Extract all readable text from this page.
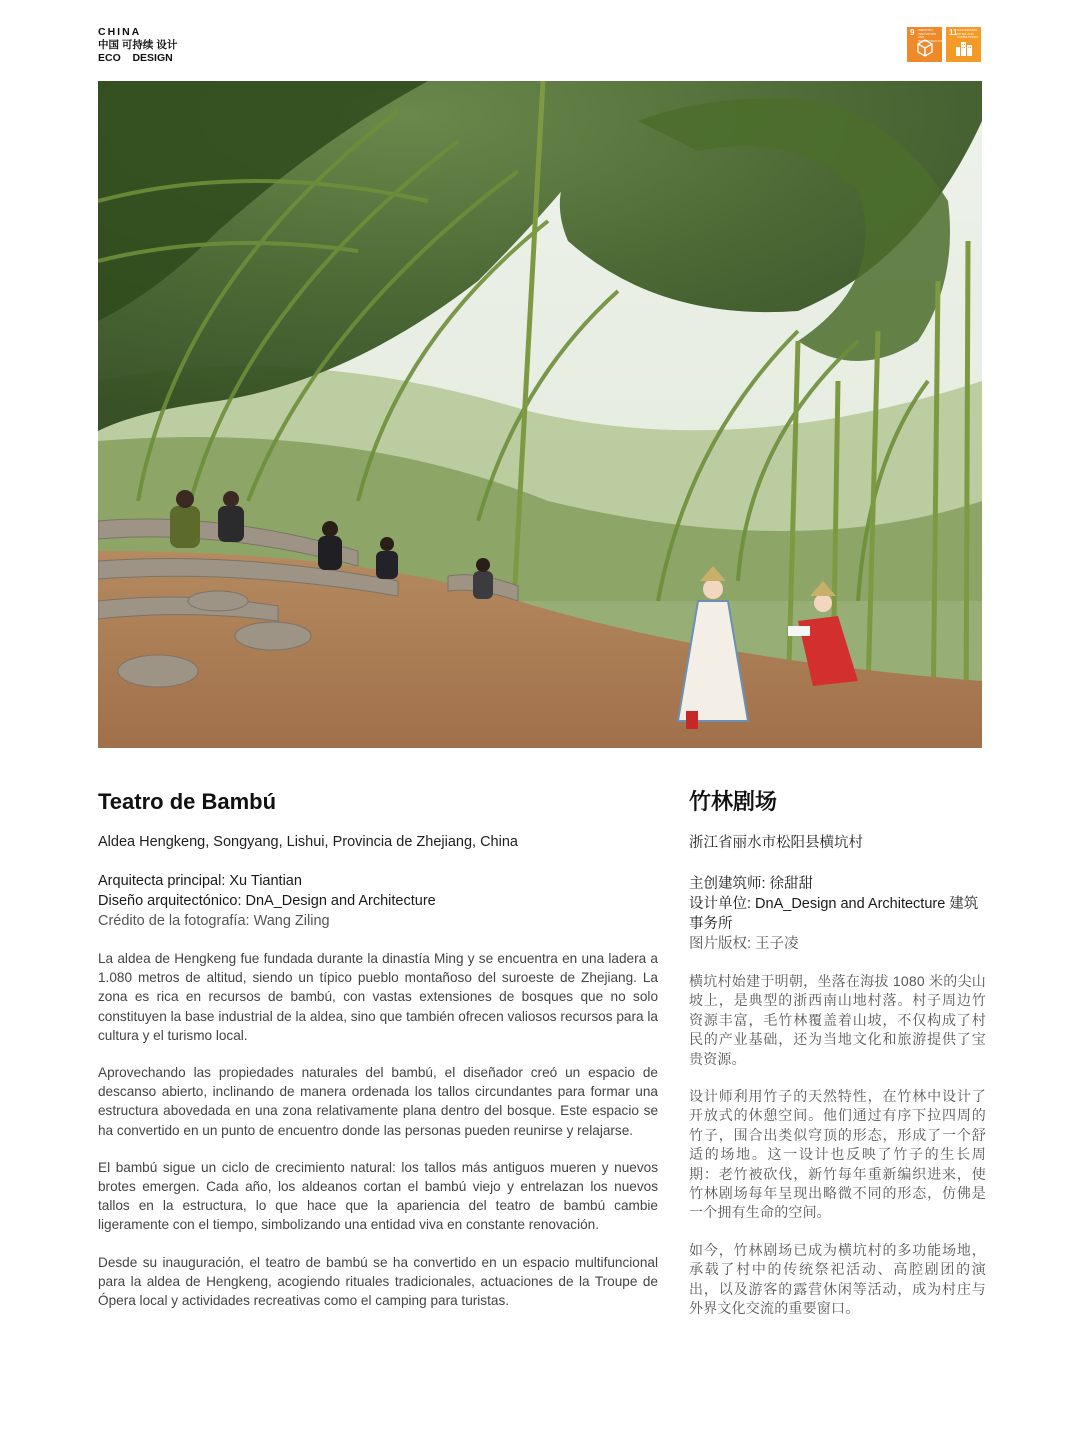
CHINA
中国 可持续 设计
ECO DESIGN
9 INDUSTRY, INNOVATION AND INFRASTRUCTURE
11 SUSTAINABLE CITIES AND COMMUNITIES
Teatro de Bambú
Aldea Hengkeng, Songyang, Lishui, Provincia de Zhejiang, China
Arquitecta principal: Xu Tiantian
Diseño arquitectónico: DnA_Design and Architecture
Crédito de la fotografía: Wang Ziling

La aldea de Hengkeng fue fundada durante la dinastía Ming y se encuentra en una ladera a 1.080 metros de altitud, siendo un típico pueblo montañoso del suroeste de Zhejiang. La zona es rica en recursos de bambú, con vastas extensiones de bosques que no solo constituyen la base industrial de la aldea, sino que también ofrecen valiosos recursos para la cultura y el turismo local.

Aprovechando las propiedades naturales del bambú, el diseñador creó un espacio de descanso abierto, inclinando de manera ordenada los tallos circundantes para formar una estructura abovedada en una zona relativamente plana dentro del bosque. Este espacio se ha convertido en un punto de encuentro donde las personas pueden reunirse y relajarse.

El bambú sigue un ciclo de crecimiento natural: los tallos más antiguos mueren y nuevos brotes emergen. Cada año, los aldeanos cortan el bambú viejo y entrelazan los nuevos tallos en la estructura, lo que hace que la apariencia del teatro de bambú cambie ligeramente con el tiempo, simbolizando una entidad viva en constante renovación.

Desde su inauguración, el teatro de bambú se ha convertido en un espacio multifuncional para la aldea de Hengkeng, acogiendo rituales tradicionales, actuaciones de la Troupe de Ópera local y actividades recreativas como el camping para turistas.

竹林剧场
浙江省丽水市松阳县横坑村
主创建筑师: 徐甜甜
设计单位: DnA_Design and Architecture 建筑事务所
图片版权: 王子凌

横坑村始建于明朝，坐落在海拔 1080 米的尖山坡上，是典型的浙西南山地村落。村子周边竹资源丰富，毛竹林覆盖着山坡，不仅构成了村民的产业基础，还为当地文化和旅游提供了宝贵资源。

设计师利用竹子的天然特性，在竹林中设计了开放式的休憩空间。他们通过有序下拉四周的竹子，围合出类似穹顶的形态，形成了一个舒适的场地。这一设计也反映了竹子的生长周期：老竹被砍伐，新竹每年重新编织进来，使竹林剧场每年呈现出略微不同的形态，仿佛是一个拥有生命的空间。

如今，竹林剧场已成为横坑村的多功能场地，承载了村中的传统祭祀活动、高腔剧团的演出，以及游客的露营休闲等活动，成为村庄与外界文化交流的重要窗口。
